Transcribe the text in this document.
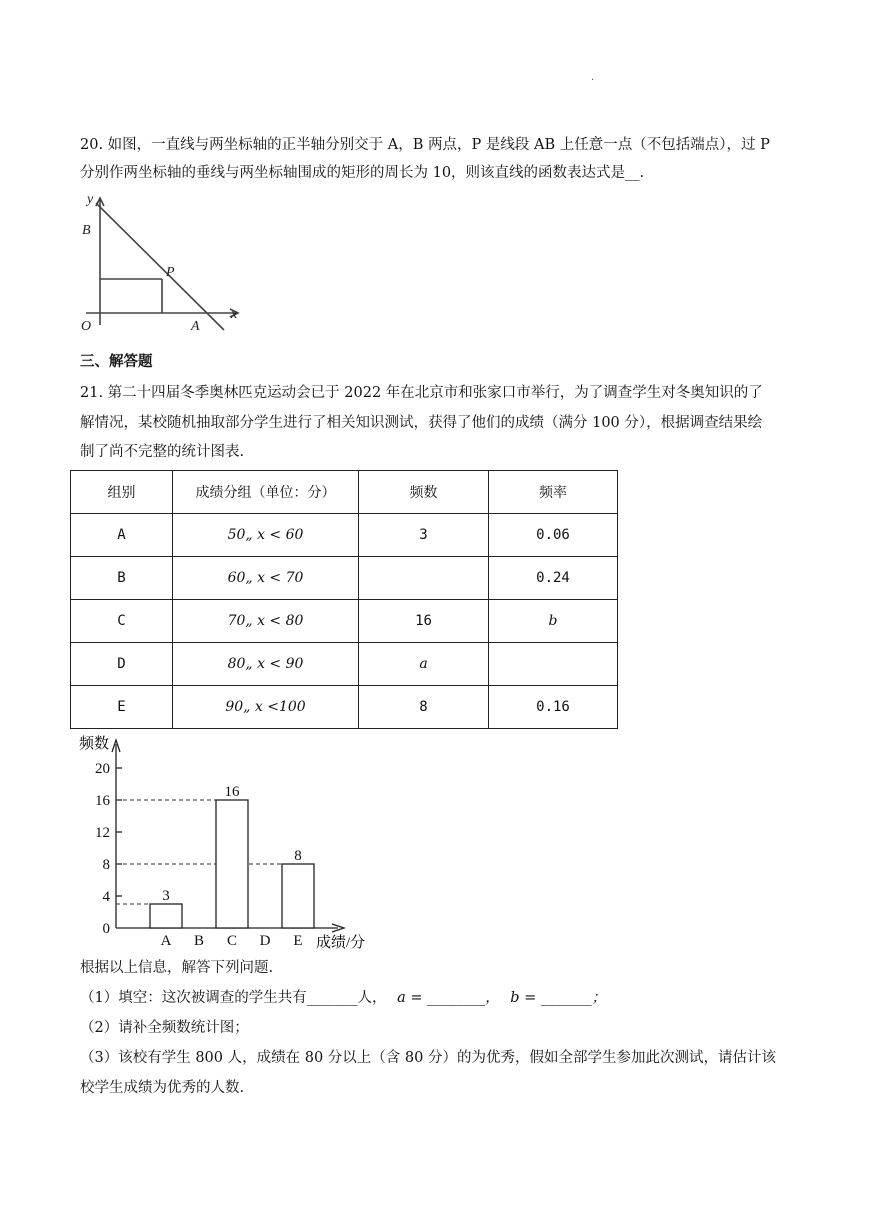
.
20. 如图，一直线与两坐标轴的正半轴分别交于 A，B 两点，P 是线段 AB 上任意一点（不包括端点），过 P
分别作两坐标轴的垂线与两坐标轴围成的矩形的周长为 10，则该直线的函数表达式是__.
y
B
P
O	A
x
三、解答题
21. 第二十四届冬季奥林匹克运动会已于 2022 年在北京市和张家口市举行，为了调查学生对冬奥知识的了
解情况，某校随机抽取部分学生进行了相关知识测试，获得了他们的成绩（满分 100 分），根据调查结果绘
制了尚不完整的统计图表.
组别	成绩分组（单位：分）	频数	频率
A	50„ x < 60	3	0.06
B	60„ x < 70		0.24
C	70„ x < 80	16	b
D	80„ x < 90	a	
E	90„ x <100	8	0.16
频数
成绩/分
0
4
8
12
16
20
3
A B
16
C D
8
E
根据以上信息，解答下列问题.
（1）填空：这次被调查的学生共有_______人， a = ________， b = _______；
（2）请补全频数统计图；
（3）该校有学生 800 人，成绩在 80 分以上（含 80 分）的为优秀，假如全部学生参加此次测试，请估计该
校学生成绩为优秀的人数.
